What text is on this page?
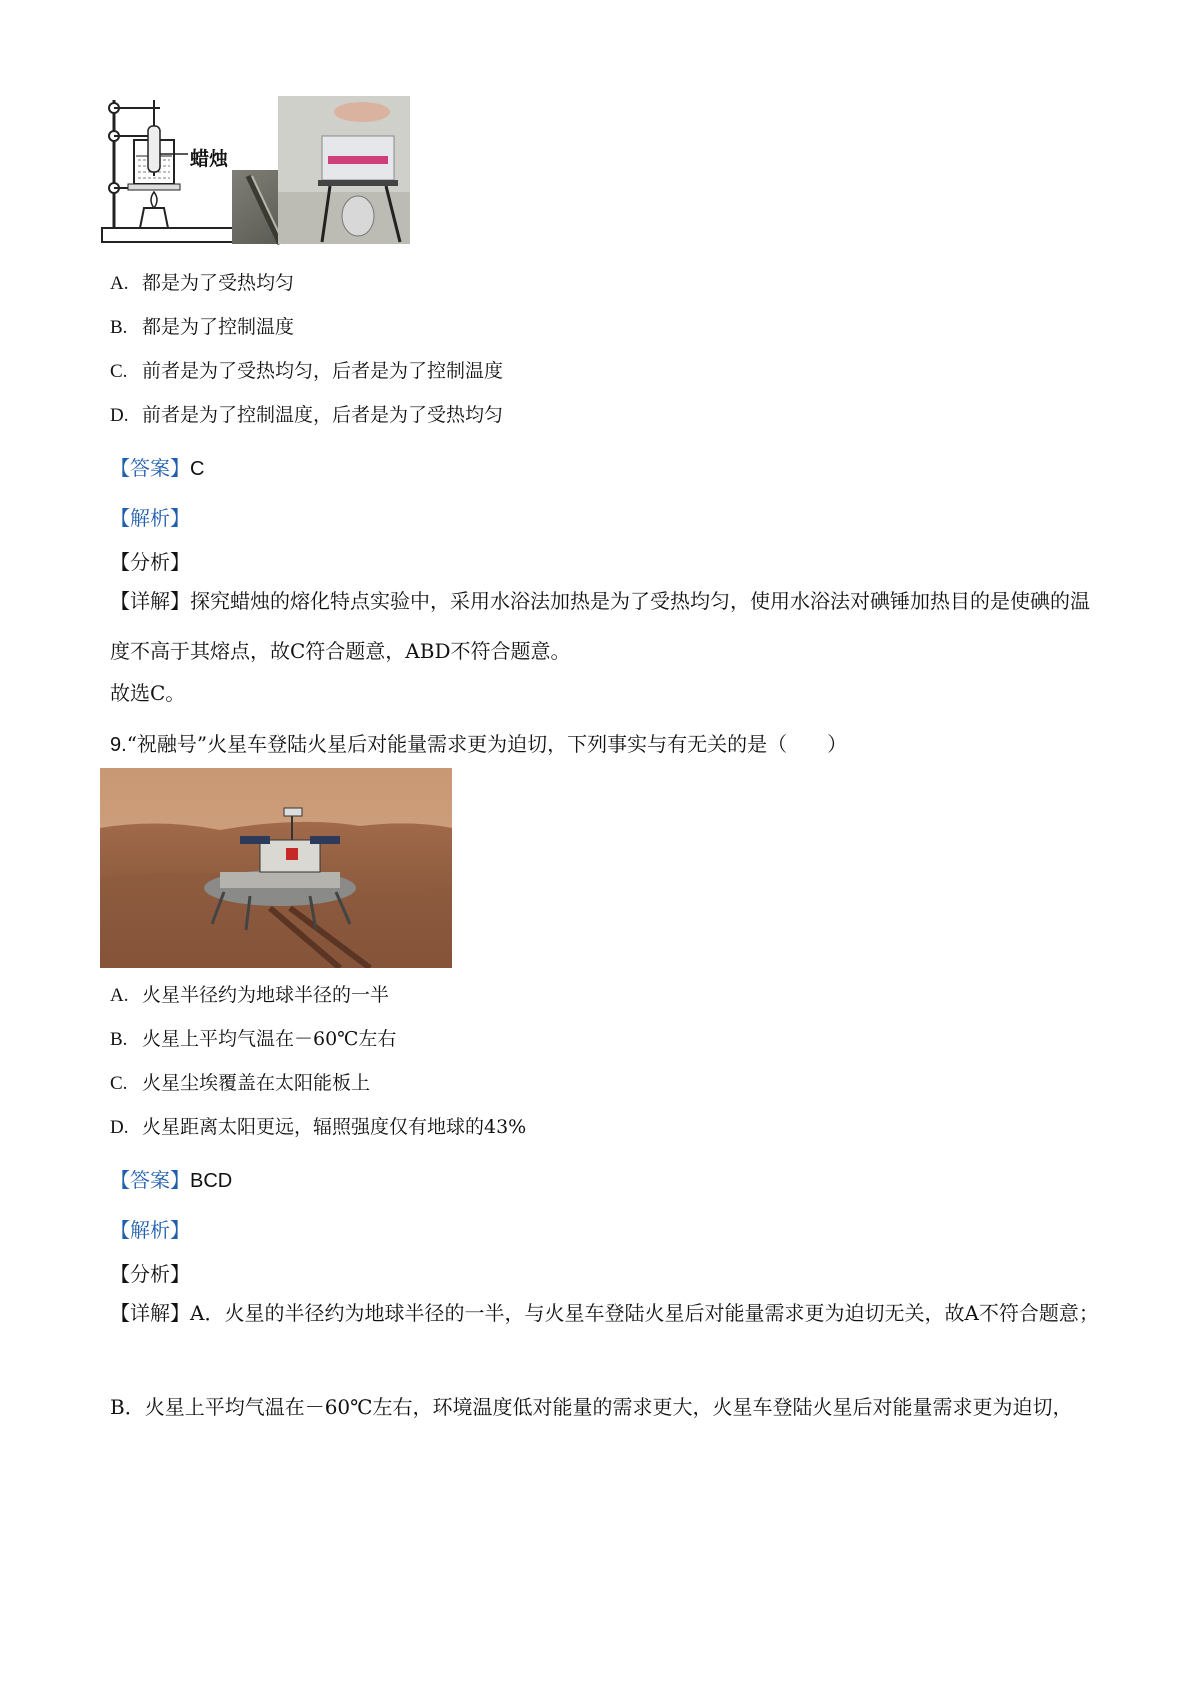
蜡烛
A. 都是为了受热均匀
B. 都是为了控制温度
C. 前者是为了受热均匀，后者是为了控制温度
D. 前者是为了控制温度，后者是为了受热均匀
【答案】C
【解析】
【分析】
【详解】探究蜡烛的熔化特点实验中，采用水浴法加热是为了受热均匀，使用水浴法对碘锤加热目的是使碘的温度不高于其熔点，故C符合题意，ABD不符合题意。
故选C。
9.“祝融号”火星车登陆火星后对能量需求更为迫切，下列事实与有无关的是（　　）
A. 火星半径约为地球半径的一半
B. 火星上平均气温在－60℃左右
C. 火星尘埃覆盖在太阳能板上
D. 火星距离太阳更远，辐照强度仅有地球的43%
【答案】BCD
【解析】
【分析】
【详解】A．火星的半径约为地球半径的一半，与火星车登陆火星后对能量需求更为迫切无关，故A不符合题意；
B．火星上平均气温在－60℃左右，环境温度低对能量的需求更大，火星车登陆火星后对能量需求更为迫切，
